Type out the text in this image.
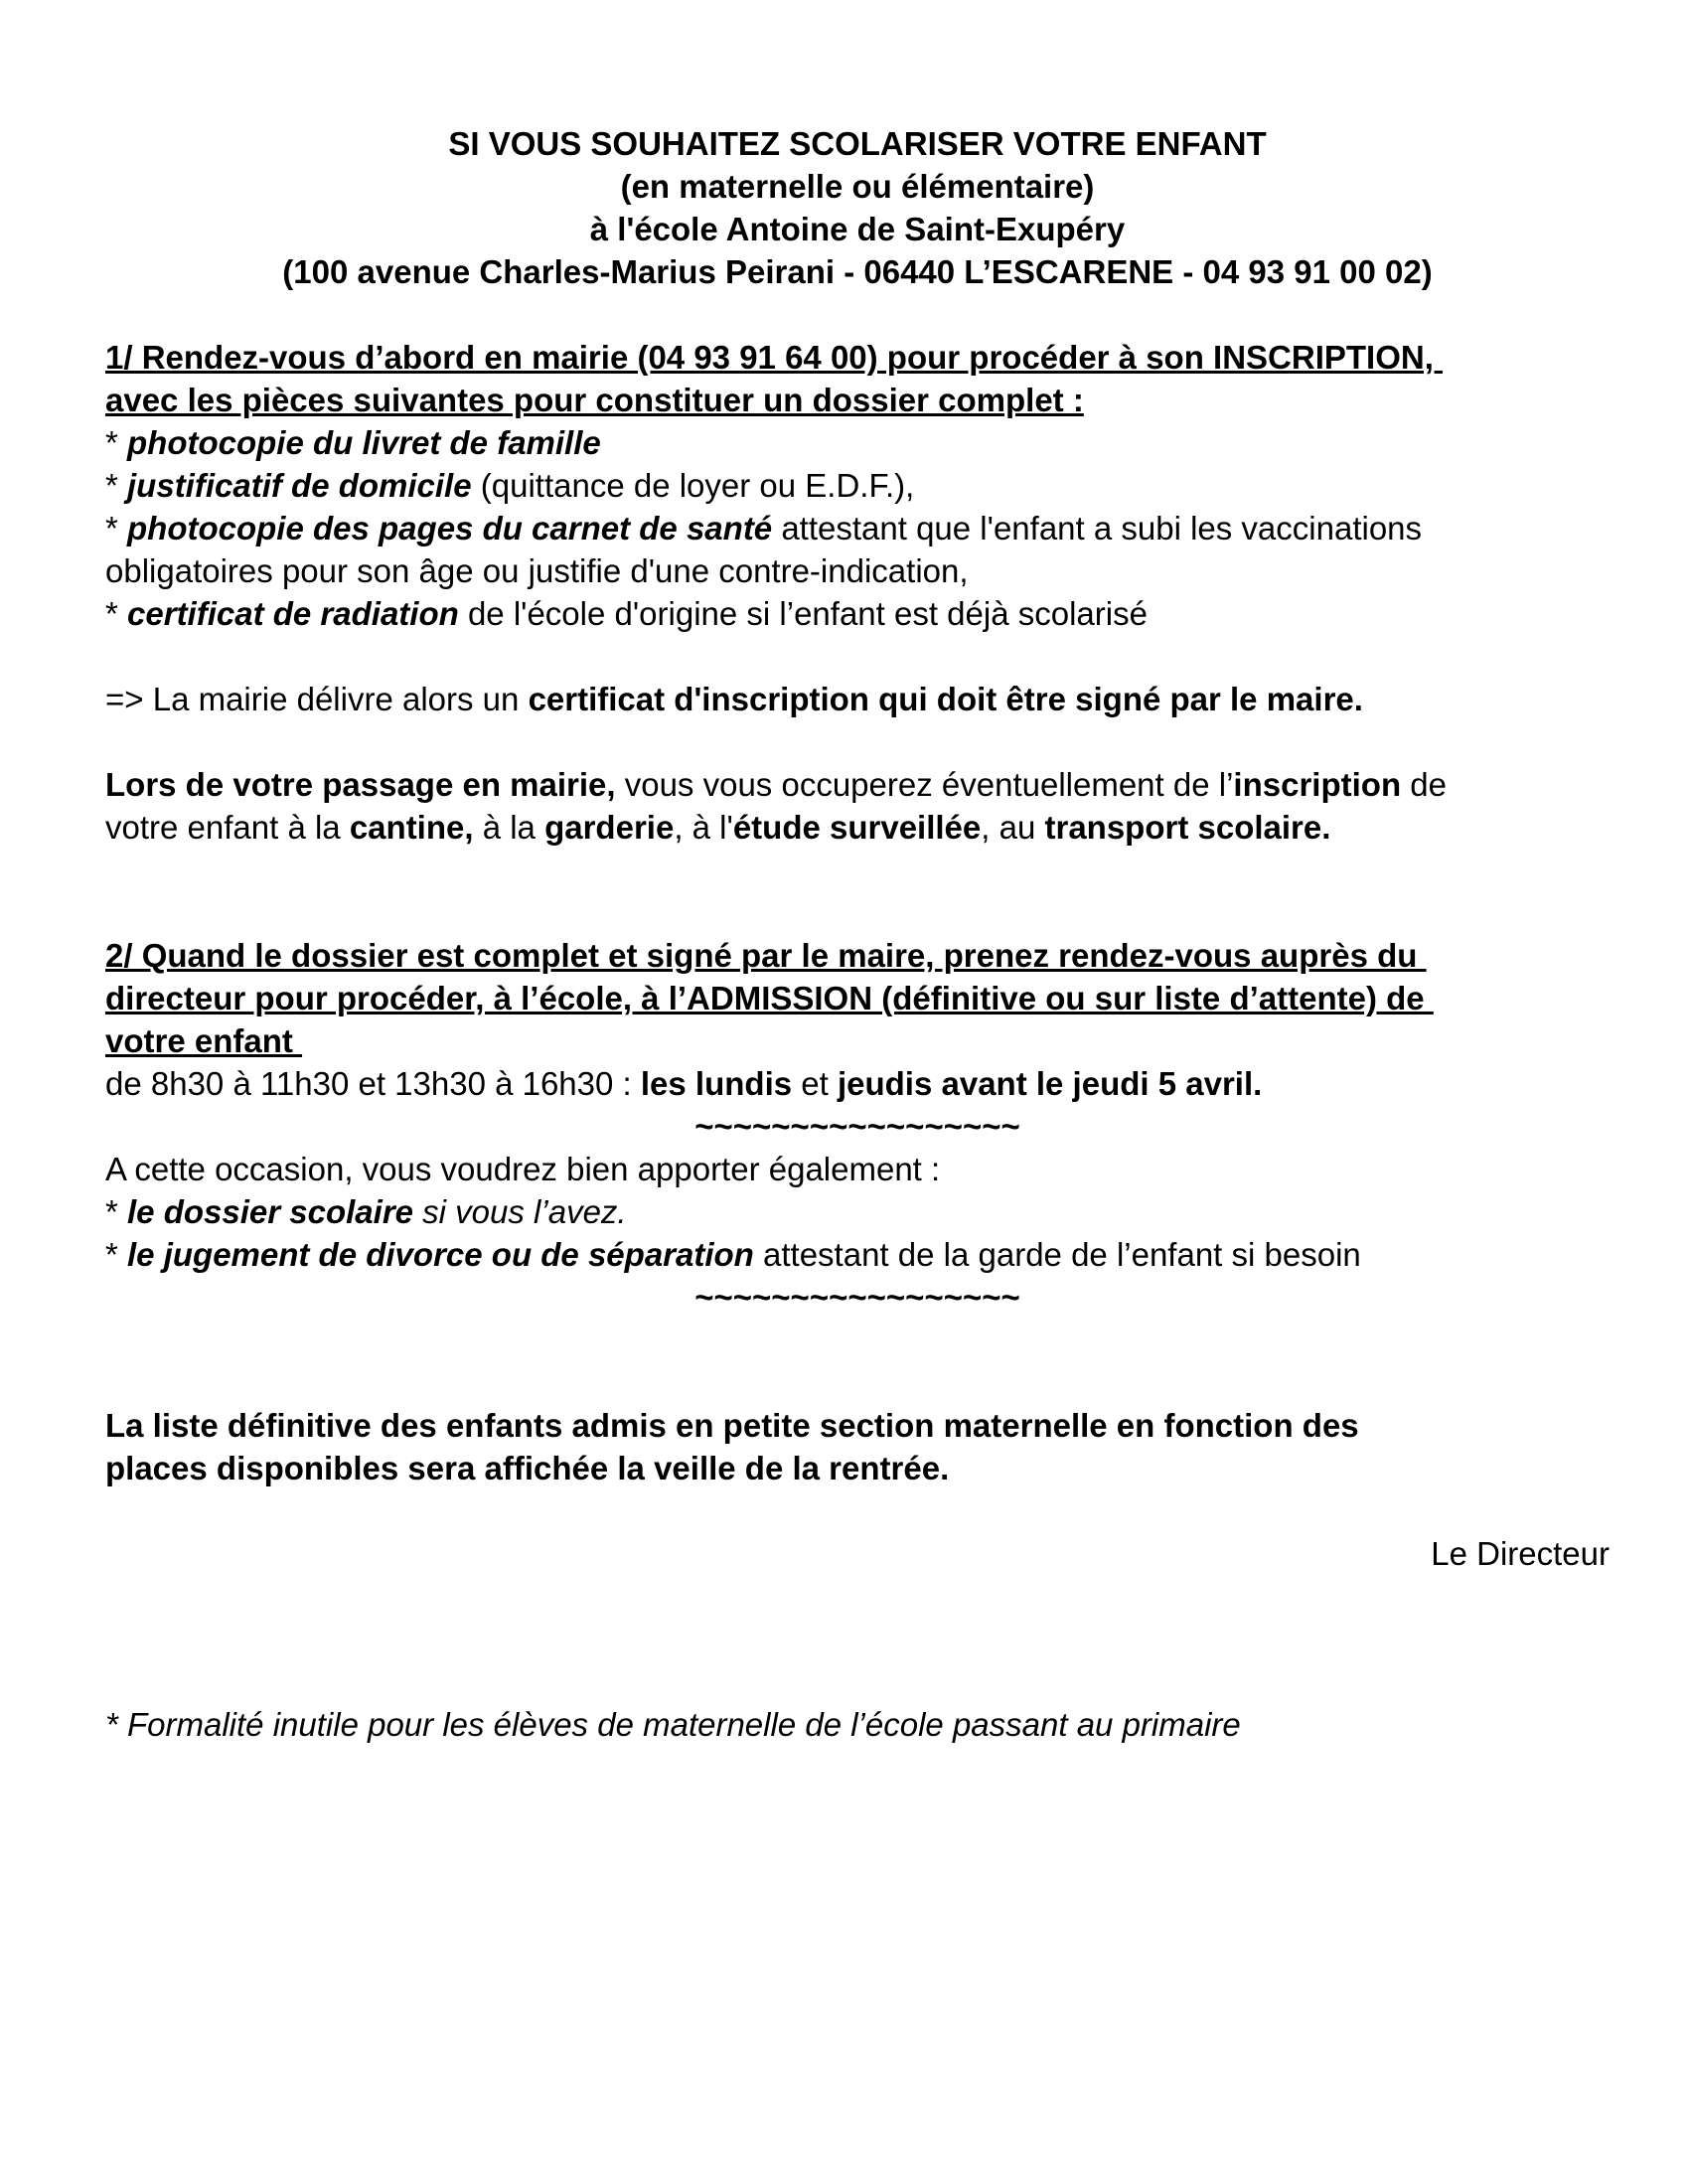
SI VOUS SOUHAITEZ SCOLARISER VOTRE ENFANT
(en maternelle ou élémentaire)
à l'école Antoine de Saint-Exupéry
(100 avenue Charles-Marius Peirani - 06440 L’ESCARENE - 04 93 91 00 02)
1/ Rendez-vous d’abord en mairie (04 93 91 64 00) pour procéder à son INSCRIPTION,
avec les pièces suivantes pour constituer un dossier complet :
* photocopie du livret de famille
* justificatif de domicile (quittance de loyer ou E.D.F.),
* photocopie des pages du carnet de santé attestant que l'enfant a subi les vaccinations
obligatoires pour son âge ou justifie d'une contre-indication,
* certificat de radiation de l'école d'origine si l’enfant est déjà scolarisé
=> La mairie délivre alors un certificat d'inscription qui doit être signé par le maire.
Lors de votre passage en mairie, vous vous occuperez éventuellement de l’inscription de
votre enfant à la cantine, à la garderie, à l'étude surveillée, au transport scolaire.
2/ Quand le dossier est complet et signé par le maire, prenez rendez-vous auprès du
directeur pour procéder, à l’école, à l’ADMISSION (définitive ou sur liste d’attente) de
votre enfant
de 8h30 à 11h30 et 13h30 à 16h30 : les lundis et jeudis avant le jeudi 5 avril.
~~~~~~~~~~~~~~~~~
A cette occasion, vous voudrez bien apporter également :
* le dossier scolaire si vous l’avez.
* le jugement de divorce ou de séparation attestant de la garde de l’enfant si besoin
~~~~~~~~~~~~~~~~~
La liste définitive des enfants admis en petite section maternelle en fonction des
places disponibles sera affichée la veille de la rentrée.
Le Directeur
* Formalité inutile pour les élèves de maternelle de l’école passant au primaire
